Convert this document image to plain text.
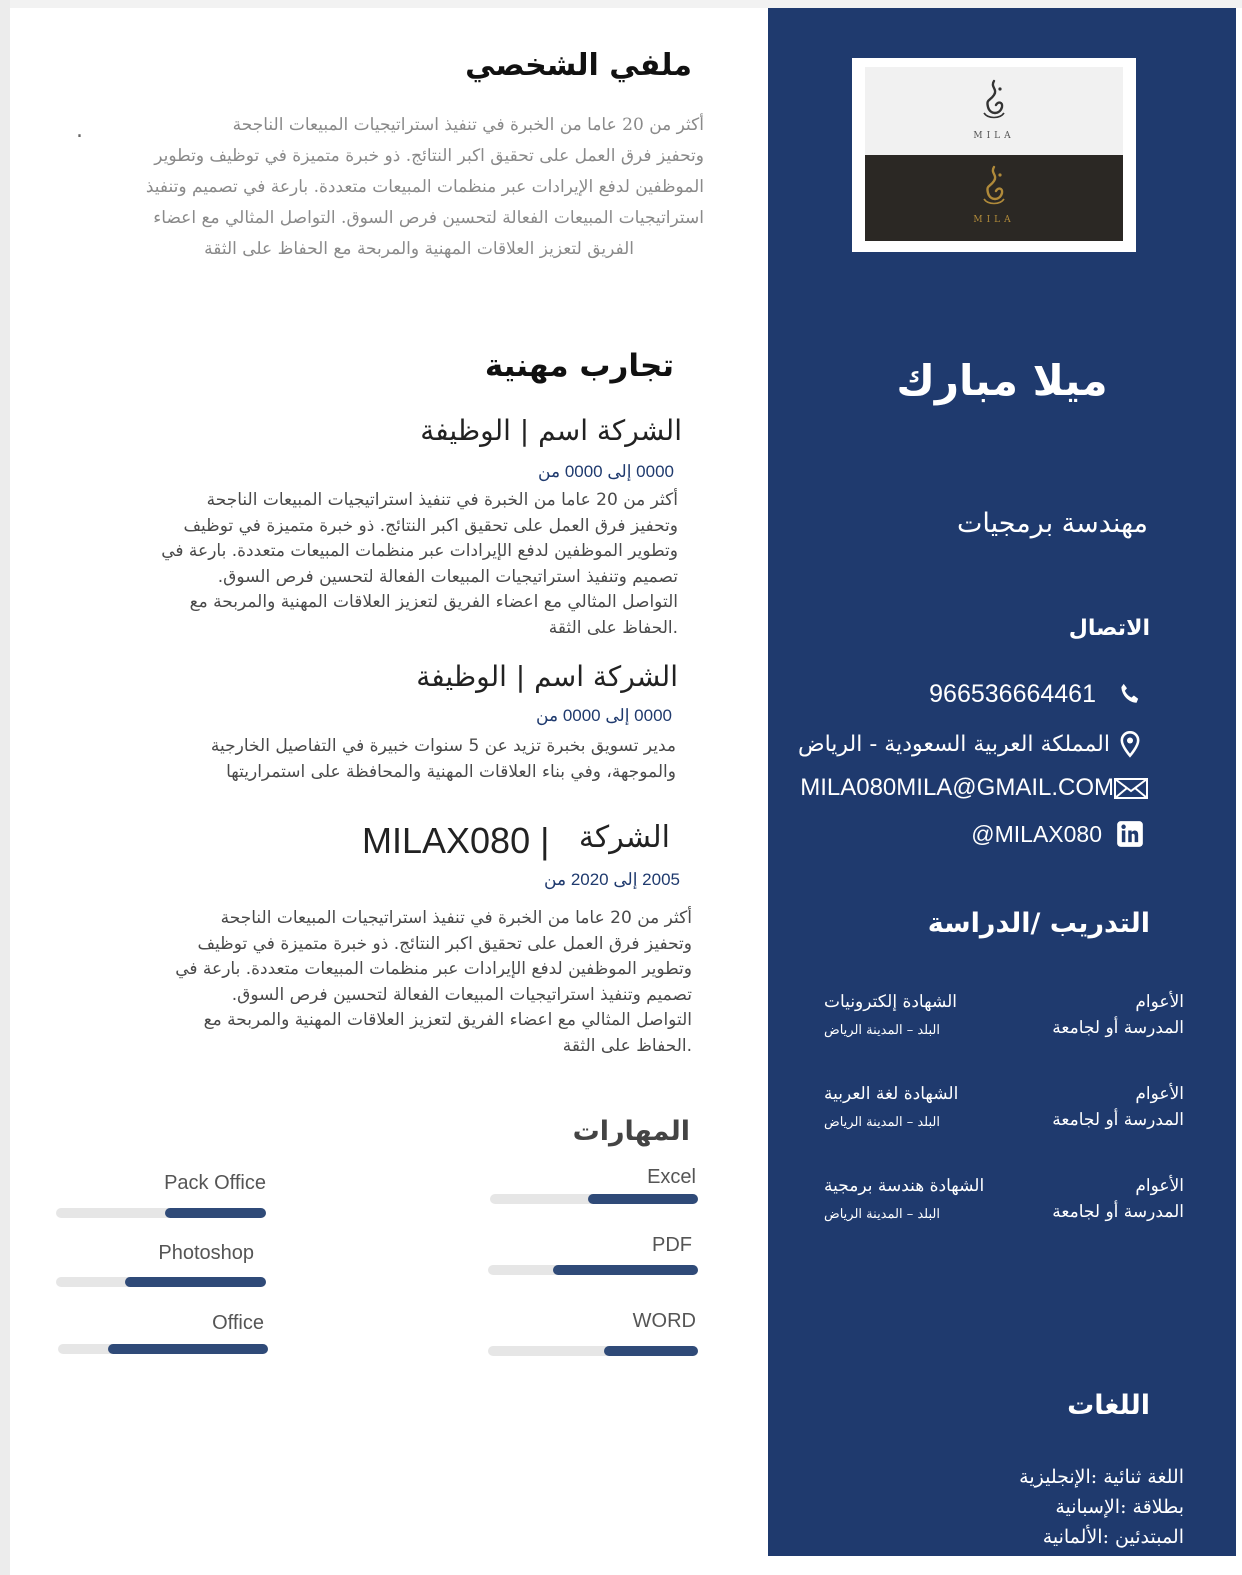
ملفي الشخصي
أكثر من 20 عاما من الخبرة في تنفيذ استراتيجيات المبيعات الناجحة
وتحفيز فرق العمل على تحقيق اكبر النتائج. ذو خبرة متميزة في توظيف وتطوير
الموظفين لدفع الإيرادات عبر منظمات المبيعات متعددة. بارعة في تصميم وتنفيذ
استراتيجيات المبيعات الفعالة لتحسين فرص السوق. التواصل المثالي مع اعضاء
الفريق لتعزيز العلاقات المهنية والمربحة مع الحفاظ على الثقة
.
تجارب مهنية
الشركة اسم | الوظيفة
0000 إلى 0000 من
أكثر من 20 عاما من الخبرة في تنفيذ استراتيجيات المبيعات الناجحة
وتحفيز فرق العمل على تحقيق اكبر النتائج. ذو خبرة متميزة في توظيف
وتطوير الموظفين لدفع الإيرادات عبر منظمات المبيعات متعددة. بارعة في
تصميم وتنفيذ استراتيجيات المبيعات الفعالة لتحسين فرص السوق.
التواصل المثالي مع اعضاء الفريق لتعزيز العلاقات المهنية والمربحة مع
.الحفاظ على الثقة
الشركة اسم | الوظيفة
0000 إلى 0000 من
مدير تسويق بخبرة تزيد عن 5 سنوات خبيرة في التفاصيل الخارجية
والموجهة، وفي بناء العلاقات المهنية والمحافظة على استمراريتها
الشركة
MILAX080 |
2005 إلى 2020 من
أكثر من 20 عاما من الخبرة في تنفيذ استراتيجيات المبيعات الناجحة
وتحفيز فرق العمل على تحقيق اكبر النتائج. ذو خبرة متميزة في توظيف
وتطوير الموظفين لدفع الإيرادات عبر منظمات المبيعات متعددة. بارعة في
تصميم وتنفيذ استراتيجيات المبيعات الفعالة لتحسين فرص السوق.
التواصل المثالي مع اعضاء الفريق لتعزيز العلاقات المهنية والمربحة مع
.الحفاظ على الثقة
المهارات
Excel
Pack Office
PDF
Photoshop
WORD
Office
MILA
MILA
ميلا مبارك
مهندسة برمجيات
الاتصال
966536664461
المملكة العربية السعودية - الرياض
MILA080MILA@GMAIL.COM
@MILAX080
التدريب /الدراسة
الأعوام
الشهادة إلكترونيات
المدرسة أو لجامعة
البلد – المدينة الرياض
الأعوام
الشهادة لغة العربية
المدرسة أو لجامعة
البلد – المدينة الرياض
الأعوام
الشهادة هندسة برمجية
المدرسة أو لجامعة
البلد – المدينة الرياض
اللغات
اللغة ثنائية :الإنجليزية
بطلاقة :الإسبانية
المبتدئين :الألمانية
